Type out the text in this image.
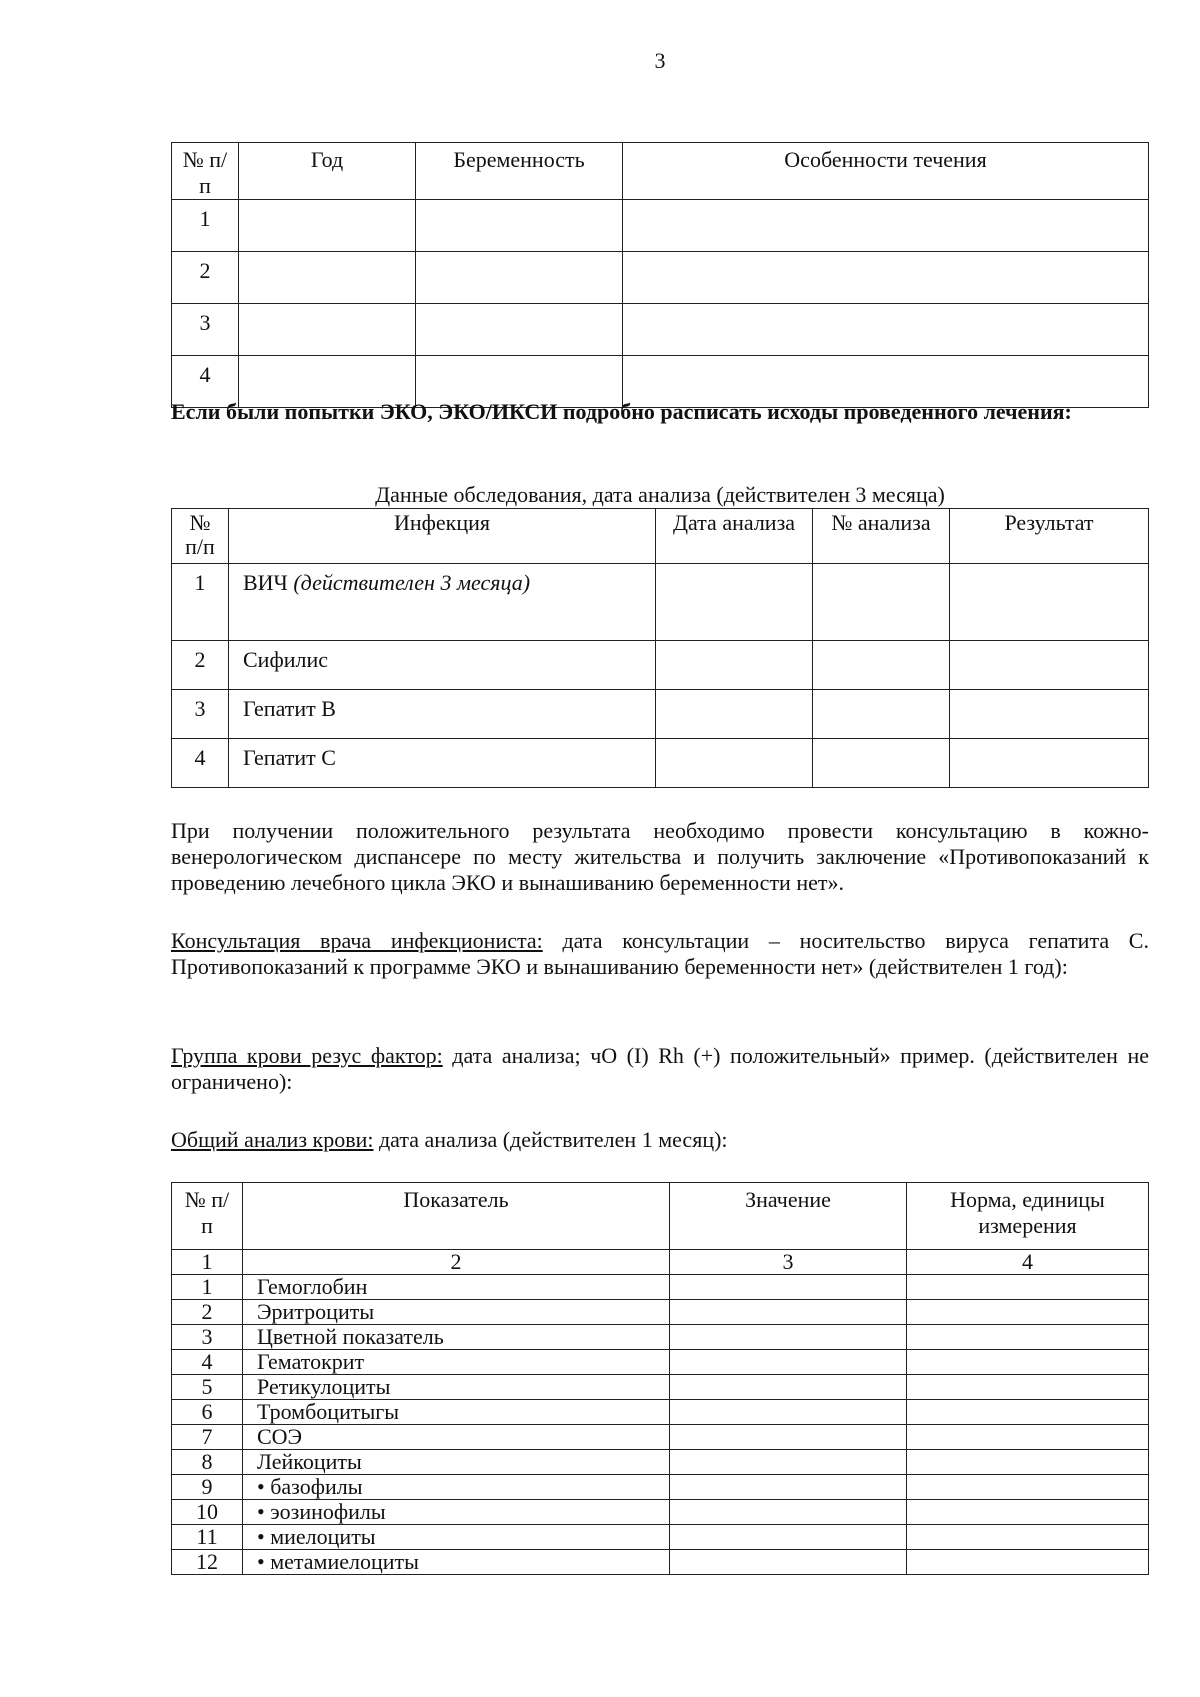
3
№ п/п	Год	Беременность	Особенности течения
1			
2			
3			
4			
Если были попытки ЭКО, ЭКО/ИКСИ подробно расписать исходы проведенного лечения:
Данные обследования, дата анализа (действителен 3 месяца)
№ п/п	Инфекция	Дата анализа	№ анализа	Результат
1	ВИЧ (действителен 3 месяца)			
2	Сифилис			
3	Гепатит В			
4	Гепатит С			
При получении положительного результата необходимо провести консультацию в кожно-венерологическом диспансере по месту жительства и получить заключение «Противопоказаний к проведению лечебного цикла ЭКО и вынашиванию беременности нет».
Консультация врача инфекциониста: дата консультации – носительство вируса гепатита С. Противопоказаний к программе ЭКО и вынашиванию беременности нет» (действителен 1 год):
Группа крови резус фактор: дата анализа; чО (I) Rh (+) положительный» пример. (действителен не ограничено):
Общий анализ крови: дата анализа (действителен 1 месяц):
№ п/п	Показатель	Значение	Норма, единицы измерения
1	2	3	4
1	Гемоглобин		
2	Эритроциты		
3	Цветной показатель		
4	Гематокрит		
5	Ретикулоциты		
6	Тромбоцитыгы		
7	СОЭ		
8	Лейкоциты		
9	• базофилы		
10	• эозинофилы		
11	• миелоциты		
12	• метамиелоциты		
